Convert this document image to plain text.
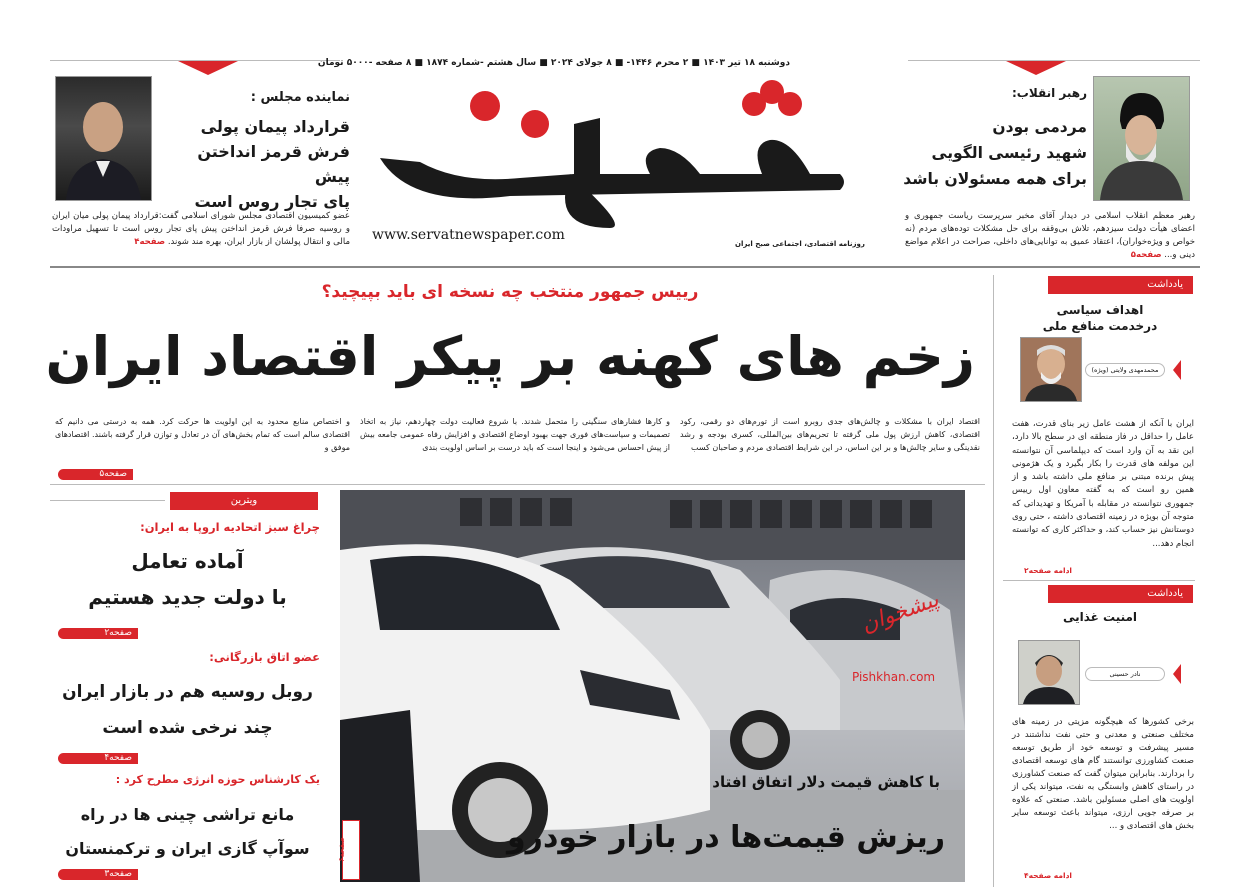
دوشنبه ۱۸ تیر ۱۴۰۳ ■ ۲ محرم ۱۴۴۶- ■ ۸ جولای ۲۰۲۴ ■ سال هشتم -شماره ۱۸۷۴ ■ ۸ صفحه -۵۰۰۰ تومان
www.servatnewspaper.com
روزنامه اقتصادی، اجتماعی صبح ایران
نماینده مجلس :
قرارداد پیمان پولی
فرش قرمز انداختن پیش
پای تجار روس است
عضو کمیسیون اقتصادی مجلس شورای اسلامی گفت:قرارداد پیمان پولی میان ایران و روسیه صرفا فرش قرمز انداختن پیش پای تجار روس است تا تسهیل مراودات مالی و انتقال پولشان از بازار ایران، بهره مند شوند. صفحه۴
رهبر انقلاب:
مردمی بودن
شهید رئیسی الگویی
برای همه مسئولان باشد
رهبر معظم انقلاب اسلامی در دیدار آقای مخبر سرپرست ریاست جمهوری و اعضای هیأت دولت سیزدهم، تلاش بی‌وقفه برای حل مشکلات توده‌های مردم (نه خواص و ویژه‌خواران)، اعتقاد عمیق به توانایی‌های داخلی، صراحت در اعلام مواضع دینی و... صفحه۵
رییس جمهور منتخب چه نسخه ای باید بپیچید؟
زخم های کهنه بر پیکر اقتصاد ایران
اقتصاد ایران با مشکلات و چالش‌های جدی روبرو است از تورم‌های دو رقمی، رکود اقتصادی، کاهش ارزش پول ملی گرفته تا تحریم‌های بین‌المللی، کسری بودجه و رشد نقدینگی و سایر چالش‌ها و بر این اساس، در این شرایط اقتصادی مردم و صاحبان کسب
و کارها فشارهای سنگینی را متحمل شدند. با شروع فعالیت دولت چهاردهم، نیاز به اتخاذ تصمیمات و سیاست‌های فوری جهت بهبود اوضاع اقتصادی و افزایش رفاه عمومی جامعه بیش از پیش احساس می‌شود و اینجا است که باید درست بر اساس اولویت بندی
و اختصاص منابع محدود به این اولویت ها حرکت کرد. همه به درستی می دانیم که اقتصادی سالم است که تمام بخش‌های آن در تعادل و توازن قرار گرفته باشند. اقتصادهای موفق و
صفحه۵
ویترین
چراغ سبز اتحادیه اروپا به ایران:
آماده تعامل
با دولت جدید هستیم
صفحه۲
عضو اتاق بازرگانی:
روبل روسیه هم در بازار ایران
چند نرخی شده است
صفحه۴
یک کارشناس حوزه انرژی مطرح کرد :
مانع تراشی چینی ها در راه
سوآپ گازی ایران و ترکمنستان
صفحه۳
پیشخوان
Pishkhan.com
با کاهش قیمت دلار اتفاق افتاد
ریزش قیمت‌ها در بازار خودرو
صفحه۶
یادداشت
اهداف سیاسی
درخدمت منافع ملی
محمدمهدی ولایتی (ویژه)
ایران با آنکه از هشت عامل زیر بنای قدرت، هفت عامل را حداقل در فاز منطقه ای در سطح بالا دارد، این نقد به آن وارد است که دیپلماسی آن نتوانسته این مولفه های قدرت را بکار بگیرد و یک هژمونی پیش برنده مبتنی بر منافع ملی داشته باشد و از همین رو است که به گفته معاون اول رییس جمهوری نتوانسته در مقابله با آمریکا و تهدیداتی که متوجه آن بویژه در زمینه اقتصادی داشته ، حتی روی دوستانش نیز حساب کند، و حداکثر کاری که توانسته انجام دهد...
ادامه صفحه۲
یادداشت
امنیت غذایی
نادر حسینی
برخی کشورها که هیچگونه مزیتی در زمینه های مختلف صنعتی و معدنی و حتی نفت نداشتند در مسیر پیشرفت و توسعه خود از طریق توسعه صنعت کشاورزی توانستند گام های توسعه اقتصادی را بردارند. بنابراین میتوان گفت که صنعت کشاورزی در راستای کاهش وابستگی به نفت، میتواند یکی از اولویت های اصلی مسئولین باشد. صنعتی که علاوه بر صرفه جویی ارزی، میتواند باعث توسعه سایر بخش های اقتصادی و ...
ادامه صفحه۴
